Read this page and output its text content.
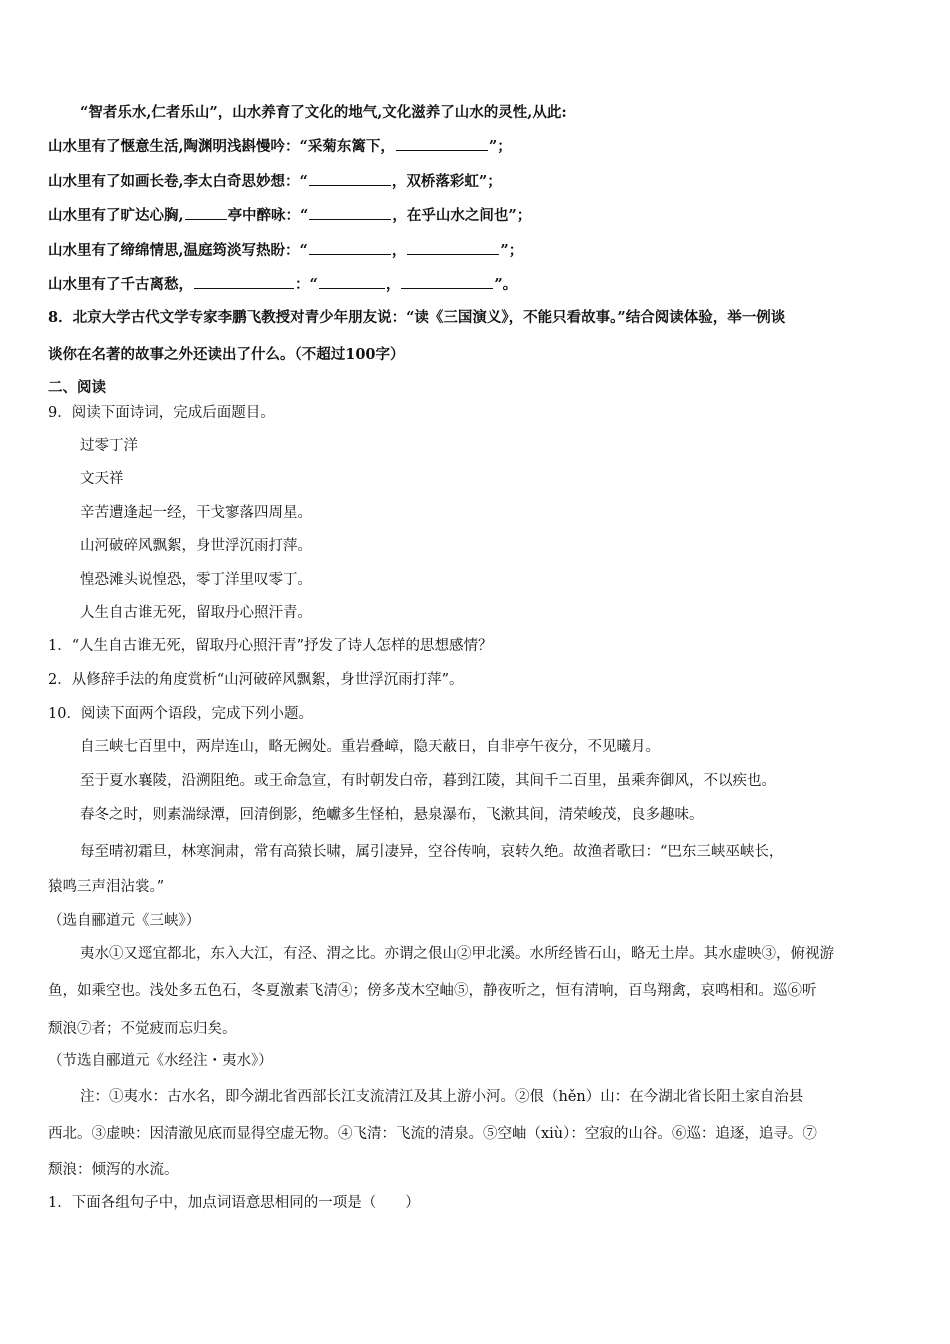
“智者乐水,仁者乐山”，山水养育了文化的地气,文化滋养了山水的灵性,从此:
山水里有了惬意生活,陶渊明浅斟慢吟：“采菊东篱下，	”；
山水里有了如画长卷,李太白奇思妙想：“	，双桥落彩虹”；
山水里有了旷达心胸,	亭中醉咏：“	，在乎山水之间也”；
山水里有了缔绵情思,温庭筠淡写热盼：“	，	”；
山水里有了千古离愁，	：“	，	”。
8．北京大学古代文学专家李鹏飞教授对青少年朋友说：“读《三国演义》，不能只看故事。”结合阅读体验，举一例谈
谈你在名著的故事之外还读出了什么。（不超过100字）
二、阅读
9．阅读下面诗词，完成后面题目。
过零丁洋
文天祥
辛苦遭逢起一经，干戈寥落四周星。
山河破碎风飘絮，身世浮沉雨打萍。
惶恐滩头说惶恐，零丁洋里叹零丁。
人生自古谁无死，留取丹心照汗青。
1．“人生自古谁无死，留取丹心照汗青”抒发了诗人怎样的思想感情？
2．从修辞手法的角度赏析“山河破碎风飘絮，身世浮沉雨打萍”。
10．阅读下面两个语段，完成下列小题。
自三峡七百里中，两岸连山，略无阙处。重岩叠嶂，隐天蔽日，自非亭午夜分，不见曦月。
至于夏水襄陵，沿溯阻绝。或王命急宣，有时朝发白帝，暮到江陵，其间千二百里，虽乘奔御风，不以疾也。
春冬之时，则素湍绿潭，回清倒影，绝巘多生怪柏，悬泉瀑布，飞漱其间，清荣峻茂，良多趣味。
每至晴初霜旦，林寒涧肃，常有高猿长啸，属引凄异，空谷传响，哀转久绝。故渔者歌曰：“巴东三峡巫峡长，
猿鸣三声泪沾裳。”
（选自郦道元《三峡》）
夷水①又逕宜都北，东入大江，有泾、渭之比。亦谓之佷山②甲北溪。水所经皆石山，略无土岸。其水虚映③，俯视游
鱼，如乘空也。浅处多五色石，冬夏激素飞清④；傍多茂木空岫⑤，静夜听之，恒有清响，百鸟翔禽，哀鸣相和。巡⑥听
颓浪⑦者；不觉疲而忘归矣。
（节选自郦道元《水经注・夷水》）
注：①夷水：古水名，即今湖北省西部长江支流清江及其上游小河。②佷（hěn）山：在今湖北省长阳土家自治县
西北。③虚映：因清澈见底而显得空虚无物。④飞清：飞流的清泉。⑤空岫（xiù）：空寂的山谷。⑥巡：追逐，追寻。⑦
颓浪：倾泻的水流。
1．下面各组句子中，加点词语意思相同的一项是（　　）
